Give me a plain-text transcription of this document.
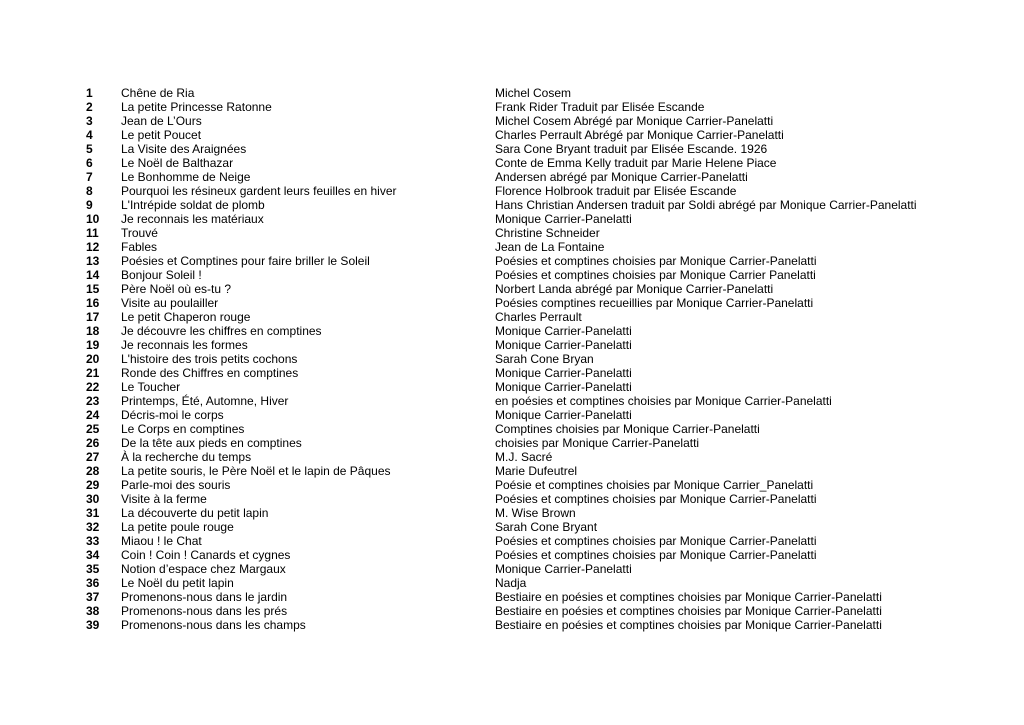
1	Chêne de Ria	Michel Cosem
2	La petite Princesse Ratonne	Frank Rider Traduit par Elisée Escande
3	Jean de L’Ours	Michel Cosem Abrégé par Monique Carrier-Panelatti
4	Le petit Poucet	Charles Perrault Abrégé par Monique Carrier-Panelatti
5	La Visite des Araignées	Sara Cone Bryant traduit par Elisée Escande. 1926
6	Le Noël de Balthazar	Conte de Emma Kelly traduit par Marie Helene Piace
7	Le Bonhomme de Neige	Andersen abrégé par Monique Carrier-Panelatti
8	Pourquoi les résineux gardent leurs feuilles en hiver	Florence Holbrook traduit par Elisée Escande
9	L'Intrépide soldat de plomb	Hans Christian Andersen traduit par Soldi abrégé par Monique Carrier-Panelatti
10	Je reconnais les matériaux	Monique Carrier-Panelatti
11	Trouvé	Christine Schneider
12	Fables	Jean de La Fontaine
13	Poésies et Comptines pour faire briller le Soleil	Poésies et comptines choisies par Monique Carrier-Panelatti
14	Bonjour Soleil !	Poésies et comptines choisies par Monique Carrier Panelatti
15	Père Noël où es-tu ?	Norbert Landa abrégé par Monique Carrier-Panelatti
16	Visite au poulailler	Poésies comptines recueillies par Monique Carrier-Panelatti
17	Le petit Chaperon rouge	Charles Perrault
18	Je découvre les chiffres en comptines	Monique Carrier-Panelatti
19	Je reconnais les formes	Monique Carrier-Panelatti
20	L'histoire des trois petits cochons	Sarah Cone Bryan
21	Ronde des Chiffres en comptines	Monique Carrier-Panelatti
22	Le Toucher	Monique Carrier-Panelatti
23	Printemps, Été, Automne, Hiver	en poésies et comptines choisies par Monique Carrier-Panelatti
24	Décris-moi le corps	Monique Carrier-Panelatti
25	Le Corps en comptines	Comptines choisies par Monique Carrier-Panelatti
26	De la tête aux pieds en comptines	choisies par Monique Carrier-Panelatti
27	À la recherche du temps	M.J. Sacré
28	La petite souris, le Père Noël et le lapin de Pâques	Marie Dufeutrel
29	Parle-moi des souris	Poésie et comptines choisies par Monique Carrier_Panelatti
30	Visite à la ferme	Poésies et comptines choisies par Monique Carrier-Panelatti
31	La découverte du petit lapin	M. Wise Brown
32	La petite poule rouge	Sarah Cone Bryant
33	Miaou ! le Chat	Poésies et comptines choisies par Monique Carrier-Panelatti
34	Coin ! Coin ! Canards et cygnes	Poésies et comptines choisies par Monique Carrier-Panelatti
35	Notion d’espace chez Margaux	Monique Carrier-Panelatti
36	Le Noël du petit lapin	Nadja
37	Promenons-nous dans le jardin	Bestiaire en poésies et comptines choisies par Monique Carrier-Panelatti
38	Promenons-nous dans les prés	Bestiaire en poésies et comptines choisies par Monique Carrier-Panelatti
39	Promenons-nous dans les champs	Bestiaire en poésies et comptines choisies par Monique Carrier-Panelatti
